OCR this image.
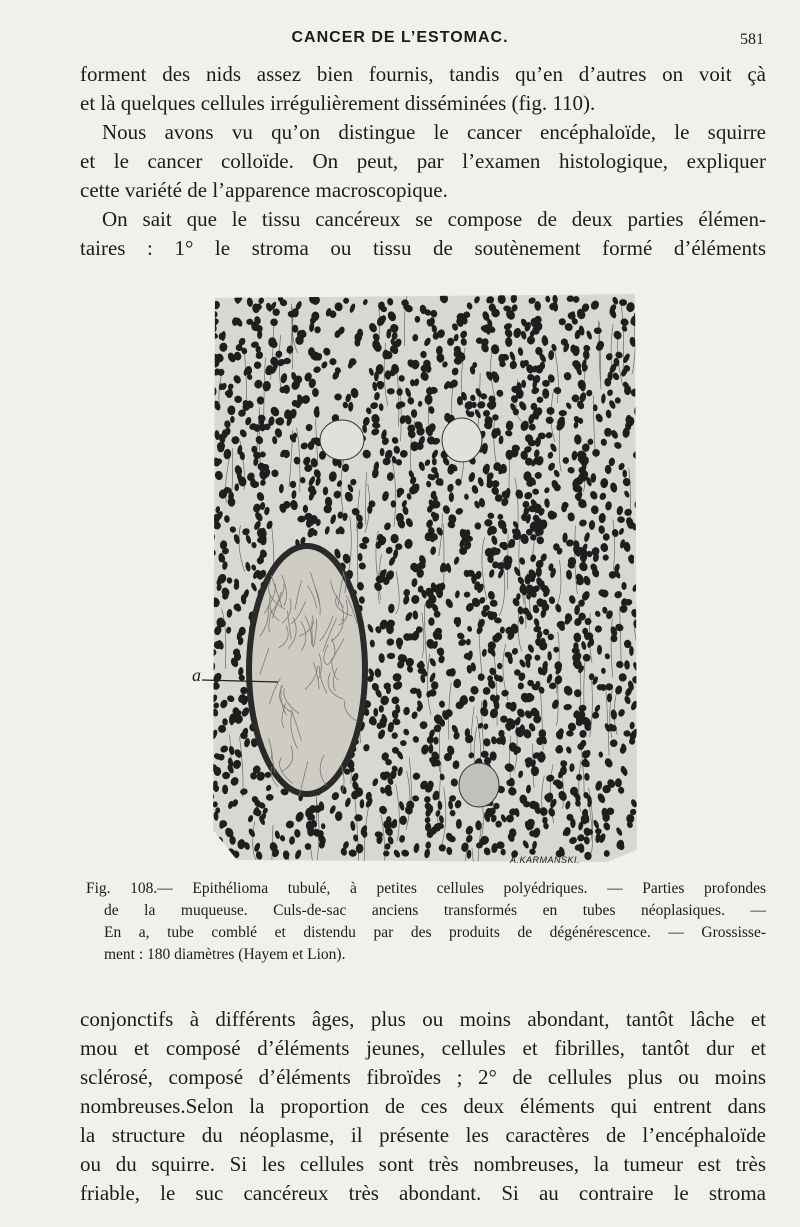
CANCER DE L’ESTOMAC.	581
forment des nids assez bien fournis, tandis qu’en d’autres on voit çà
et là quelques cellules irrégulièrement disséminées (fig. 110).
Nous avons vu qu’on distingue le cancer encéphaloïde, le squirre
et le cancer colloïde. On peut, par l’examen histologique, expliquer
cette variété de l’apparence macroscopique.
On sait que le tissu cancéreux se compose de deux parties élémen-
taires : 1° le stroma ou tissu de soutènement formé d’éléments
a
A.KARMANSKI.
Fig. 108.— Epithélioma tubulé, à petites cellules polyédriques. — Parties profondes
de la muqueuse. Culs-de-sac anciens transformés en tubes néoplasiques. —
En a, tube comblé et distendu par des produits de dégénérescence. — Grossisse-
ment : 180 diamètres (Hayem et Lion).
conjonctifs à différents âges, plus ou moins abondant, tantôt lâche et
mou et composé d’éléments jeunes, cellules et fibrilles, tantôt dur et
sclérosé, composé d’éléments fibroïdes ; 2° de cellules plus ou moins
nombreuses.Selon la proportion de ces deux éléments qui entrent dans
la structure du néoplasme, il présente les caractères de l’encéphaloïde
ou du squirre. Si les cellules sont très nombreuses, la tumeur est très
friable, le suc cancéreux très abondant. Si au contraire le stroma
